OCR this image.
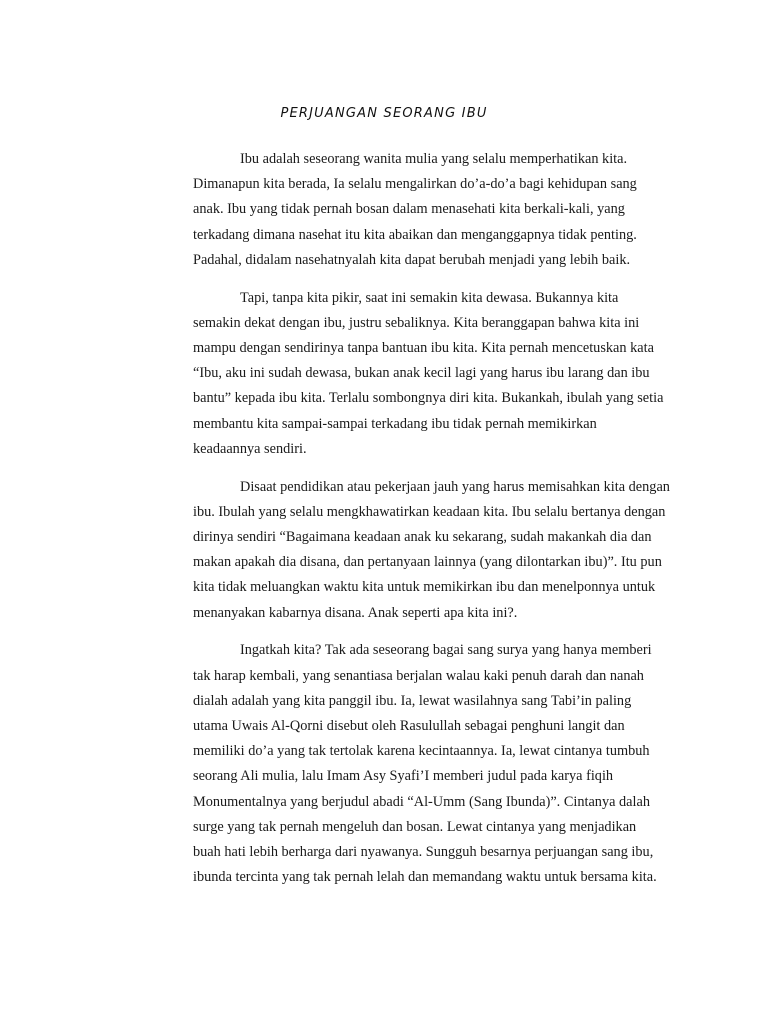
PERJUANGAN SEORANG IBU

Ibu adalah seseorang wanita mulia yang selalu memperhatikan kita.
Dimanapun kita berada, Ia selalu mengalirkan do’a-do’a bagi kehidupan sang
anak. Ibu yang tidak pernah bosan dalam menasehati kita berkali-kali, yang
terkadang dimana nasehat itu kita abaikan dan menganggapnya tidak penting.
Padahal, didalam nasehatnyalah kita dapat berubah menjadi yang lebih baik.

Tapi, tanpa kita pikir, saat ini semakin kita dewasa. Bukannya kita
semakin dekat dengan ibu, justru sebaliknya. Kita beranggapan bahwa kita ini
mampu dengan sendirinya tanpa bantuan ibu kita. Kita pernah mencetuskan kata
“Ibu, aku ini sudah dewasa, bukan anak kecil lagi yang harus ibu larang dan ibu
bantu” kepada ibu kita. Terlalu sombongnya diri kita. Bukankah, ibulah yang setia
membantu kita sampai-sampai terkadang ibu tidak pernah memikirkan
keadaannya sendiri.

Disaat pendidikan atau pekerjaan jauh yang harus memisahkan kita dengan
ibu. Ibulah yang selalu mengkhawatirkan keadaan kita. Ibu selalu bertanya dengan
dirinya sendiri “Bagaimana keadaan anak ku sekarang, sudah makankah dia dan
makan apakah dia disana, dan pertanyaan lainnya (yang dilontarkan ibu)”. Itu pun
kita tidak meluangkan waktu kita untuk memikirkan ibu dan menelponnya untuk
menanyakan kabarnya disana. Anak seperti apa kita ini?.

Ingatkah kita? Tak ada seseorang bagai sang surya yang hanya memberi
tak harap kembali, yang senantiasa berjalan walau kaki penuh darah dan nanah
dialah adalah yang kita panggil ibu. Ia, lewat wasilahnya sang Tabi’in paling
utama Uwais Al-Qorni disebut oleh Rasulullah sebagai penghuni langit dan
memiliki do’a yang tak tertolak karena kecintaannya. Ia, lewat cintanya tumbuh
seorang Ali mulia, lalu Imam Asy Syafi’I memberi judul pada karya fiqih
Monumentalnya yang berjudul abadi “Al-Umm (Sang Ibunda)”. Cintanya dalah
surge yang tak pernah mengeluh dan bosan. Lewat cintanya yang menjadikan
buah hati lebih berharga dari nyawanya. Sungguh besarnya perjuangan sang ibu,
ibunda tercinta yang tak pernah lelah dan memandang waktu untuk bersama kita.
